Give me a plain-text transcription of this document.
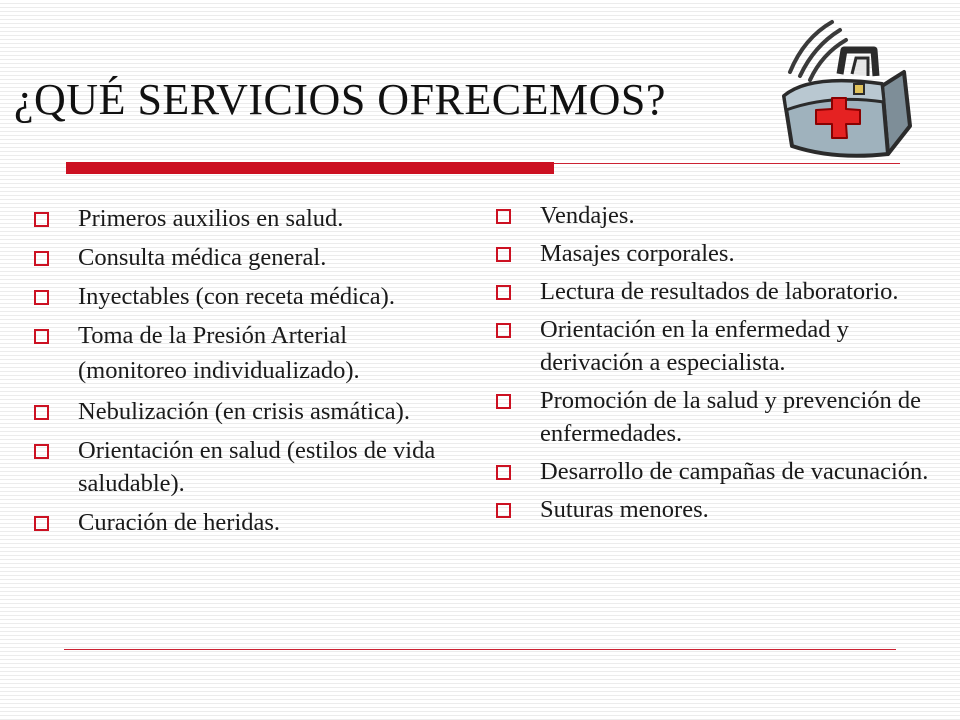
¿QUÉ SERVICIOS OFRECEMOS?
Primeros auxilios en salud.
Consulta médica general.
Inyectables (con receta médica).
Toma de la Presión Arterial
(monitoreo individualizado).
Nebulización (en crisis asmática).
Orientación en salud (estilos de vida saludable).
Curación de heridas.
Vendajes.
Masajes corporales.
Lectura de resultados de laboratorio.
Orientación en la enfermedad y derivación a especialista.
Promoción de la salud y prevención de enfermedades.
Desarrollo de campañas de vacunación.
Suturas menores.
